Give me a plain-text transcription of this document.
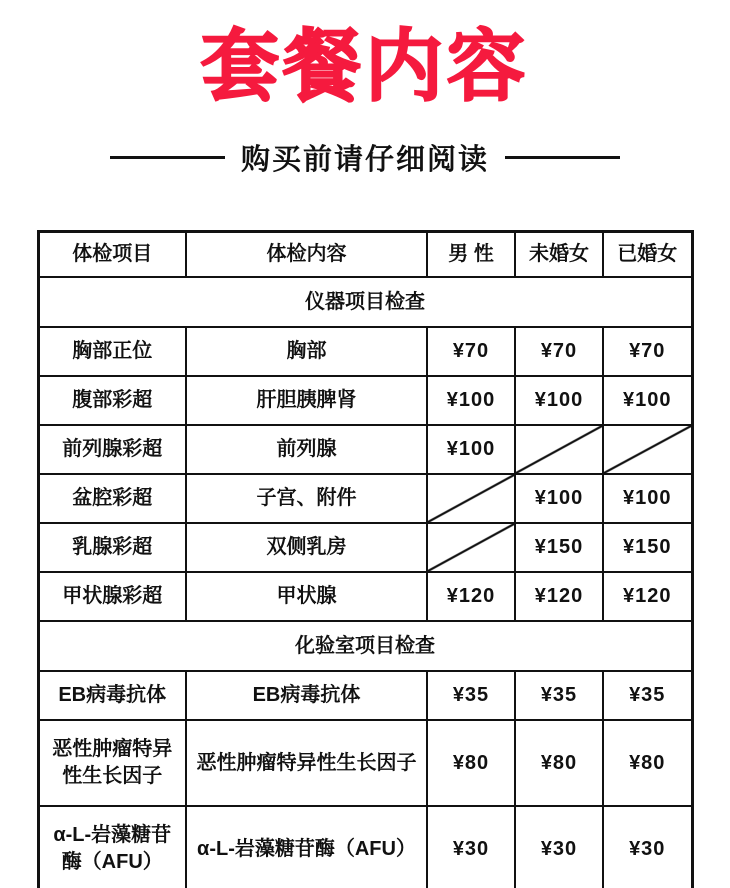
套餐内容
购买前请仔细阅读
体检项目	体检内容	男 性	未婚女	已婚女
仪器项目检查				
胸部正位	胸部	¥70	¥70	¥70
腹部彩超	肝胆胰脾肾	¥100	¥100	¥100
前列腺彩超	前列腺	¥100		
盆腔彩超	子宫、附件		¥100	¥100
乳腺彩超	双侧乳房		¥150	¥150
甲状腺彩超	甲状腺	¥120	¥120	¥120
化验室项目检查				
EB病毒抗体	EB病毒抗体	¥35	¥35	¥35
恶性肿瘤特异性生长因子	恶性肿瘤特异性生长因子	¥80	¥80	¥80
α-L-岩藻糖苷酶（AFU）	α-L-岩藻糖苷酶（AFU）	¥30	¥30	¥30
